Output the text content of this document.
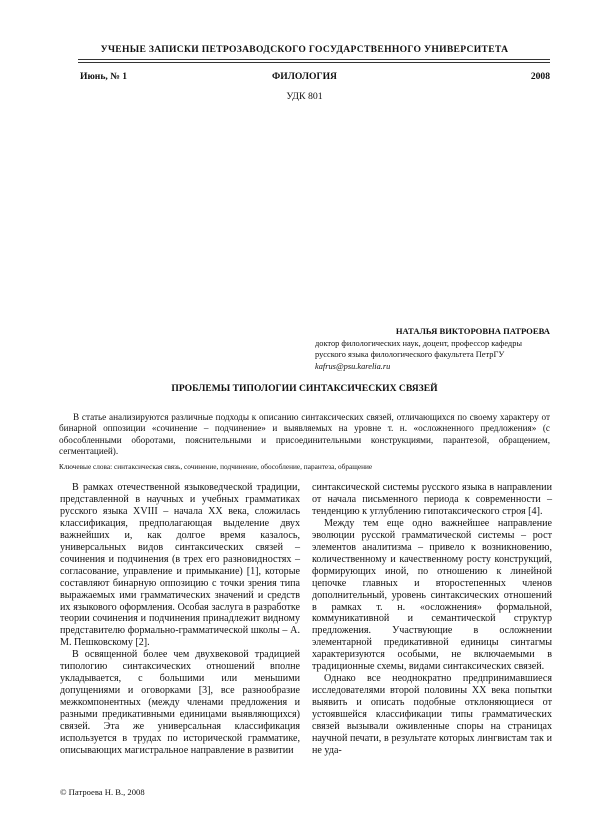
УЧЕНЫЕ ЗАПИСКИ ПЕТРОЗАВОДСКОГО ГОСУДАРСТВЕННОГО УНИВЕРСИТЕТА
Июнь, № 1	ФИЛОЛОГИЯ	2008
УДК 801
НАТАЛЬЯ ВИКТОРОВНА ПАТРОЕВА
доктор филологических наук, доцент, профессор кафедры
русского языка филологического факультета ПетрГУ
kafrus@psu.karelia.ru
ПРОБЛЕМЫ ТИПОЛОГИИ СИНТАКСИЧЕСКИХ СВЯЗЕЙ
В статье анализируются различные подходы к описанию синтаксических связей, отличающихся по своему характеру от бинарной оппозиции «сочинение – подчинение» и выявляемых на уровне т. н. «осложненного предложения» (с обособленными оборотами, пояснительными и присоединительными конструкциями, парантезой, обращением, сегментацией).
Ключевые слова: синтаксическая связь, сочинение, подчинение, обособление, парантеза, обращение

В рамках отечественной языковедческой традиции, представленной в научных и учебных грамматиках русского языка XVIII – начала XX века, сложилась классификация, предполагающая выделение двух важнейших и, как долгое время казалось, универсальных видов синтаксических связей – сочинения и подчинения (в трех его разновидностях – согласование, управление и примыкание) [1], которые составляют бинарную оппозицию с точки зрения типа выражаемых ими грамматических значений и средств их языкового оформления. Особая заслуга в разработке теории сочинения и подчинения принадлежит видному представителю формально-грамматической школы – А. М. Пешковскому [2].

В освященной более чем двухвековой традицией типологию синтаксических отношений вполне укладывается, с большими или меньшими допущениями и оговорками [3], все разнообразие межкомпонентных (между членами предложения и разными предикативными единицами выявляющихся) связей. Эта же универсальная классификация используется в трудах по исторической грамматике, описывающих магистральное направление в развитии

синтаксической системы русского языка в направлении от начала письменного периода к современности – тенденцию к углублению гипотаксического строя [4].

Между тем еще одно важнейшее направление эволюции русской грамматической системы – рост элементов аналитизма – привело к возникновению, количественному и качественному росту конструкций, формирующих иной, по отношению к линейной цепочке главных и второстепенных членов дополнительный, уровень синтаксических отношений в рамках т. н. «осложнения» формальной, коммуникативной и семантической структур предложения. Участвующие в осложнении элементарной предикативной единицы синтагмы характеризуются особыми, не включаемыми в традиционные схемы, видами синтаксических связей.

Однако все неоднократно предпринимавшиеся исследователями второй половины XX века попытки выявить и описать подобные отклоняющиеся от устоявшейся классификации типы грамматических связей вызывали оживленные споры на страницах научной печати, в результате которых лингвистам так и не уда-

© Патроева Н. В., 2008
